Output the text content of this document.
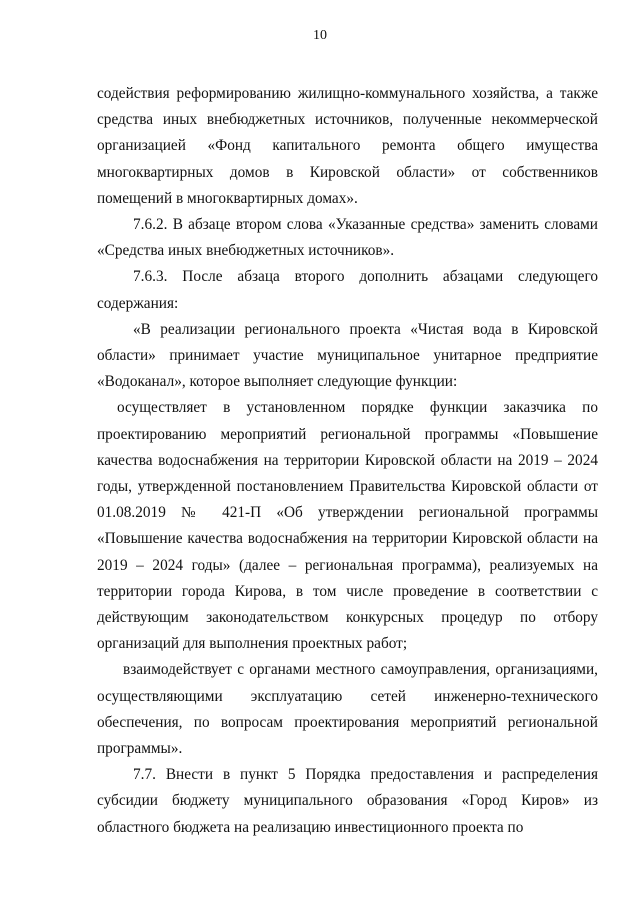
10

содействия реформированию жилищно-коммунального хозяйства, а также средства иных внебюджетных источников, полученные некоммерческой организацией «Фонд капитального ремонта общего имущества многоквартирных домов в Кировской области» от собственников помещений в многоквартирных домах».

7.6.2. В абзаце втором слова «Указанные средства» заменить словами «Средства иных внебюджетных источников».

7.6.3. После абзаца второго дополнить абзацами следующего содержания:

«В реализации регионального проекта «Чистая вода в Кировской области» принимает участие муниципальное унитарное предприятие «Водоканал», которое выполняет следующие функции:

осуществляет в установленном порядке функции заказчика по проектированию мероприятий региональной программы «Повышение качества водоснабжения на территории Кировской области на 2019 – 2024 годы, утвержденной постановлением Правительства Кировской области от 01.08.2019 № 421-П «Об утверждении региональной программы «Повышение качества водоснабжения на территории Кировской области на 2019 – 2024 годы» (далее – региональная программа), реализуемых на территории города Кирова, в том числе проведение в соответствии с действующим законодательством конкурсных процедур по отбору организаций для выполнения проектных работ;

взаимодействует с органами местного самоуправления, организациями, осуществляющими эксплуатацию сетей инженерно-технического обеспечения, по вопросам проектирования мероприятий региональной программы».

7.7. Внести в пункт 5 Порядка предоставления и распределения субсидии бюджету муниципального образования «Город Киров» из областного бюджета на реализацию инвестиционного проекта по
